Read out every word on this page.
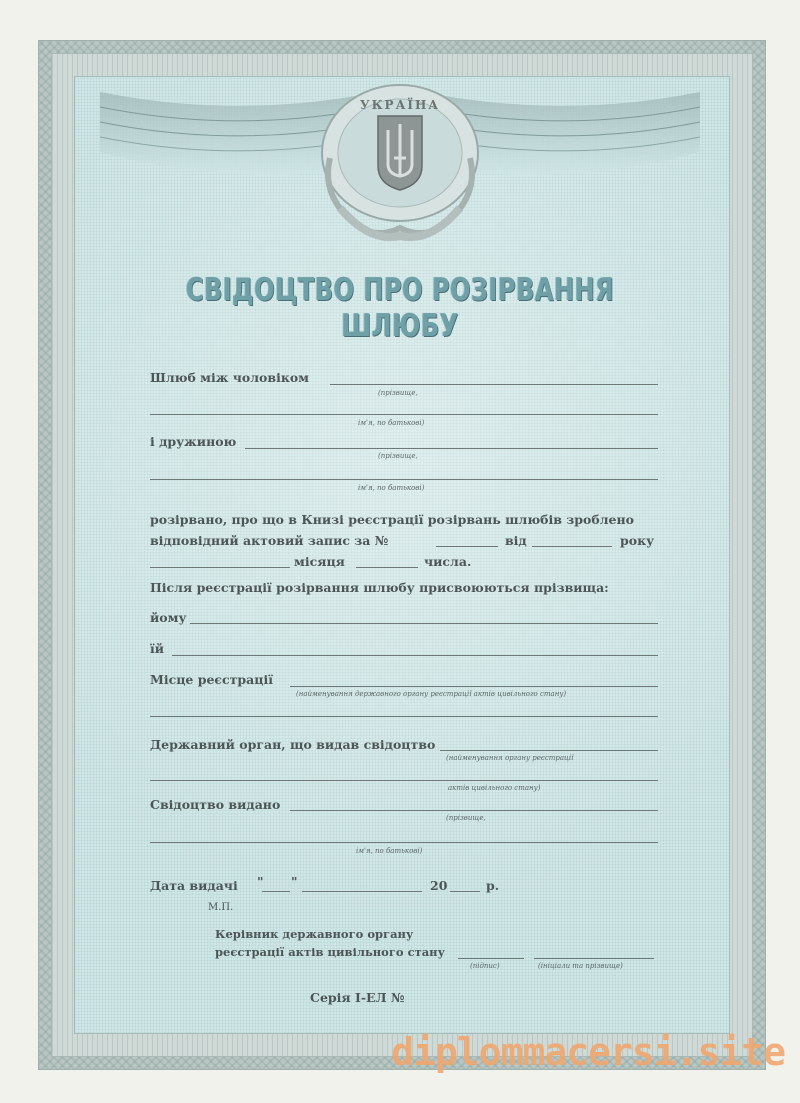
УКРАЇНА
СВІДОЦТВО ПРО РОЗІРВАННЯ ШЛЮБУ
Шлюб між чоловіком
(прізвище,
ім'я, по батькові)
і дружиною
(прізвище,
ім'я, по батькові)
розірвано, про що в Книзі реєстрації розірвань шлюбів зроблено
відповідний актовий запис за №	від	року
місяця	числа.
Після реєстрації розірвання шлюбу присвоюються прізвища:
йому
їй
Місце реєстрації
(найменування державного органу реєстрації актів цивільного стану)
Державний орган, що видав свідоцтво
(найменування органу реєстрації
актів цивільного стану)
Свідоцтво видано
(прізвище,
ім'я, по батькові)
Дата видачі " "	20	р.
М.П.
Керівник державного органу
реєстрації актів цивільного стану
(підпис)	(ініціали та прізвище)
Серія І-ЕЛ №
diplommacersi.site
